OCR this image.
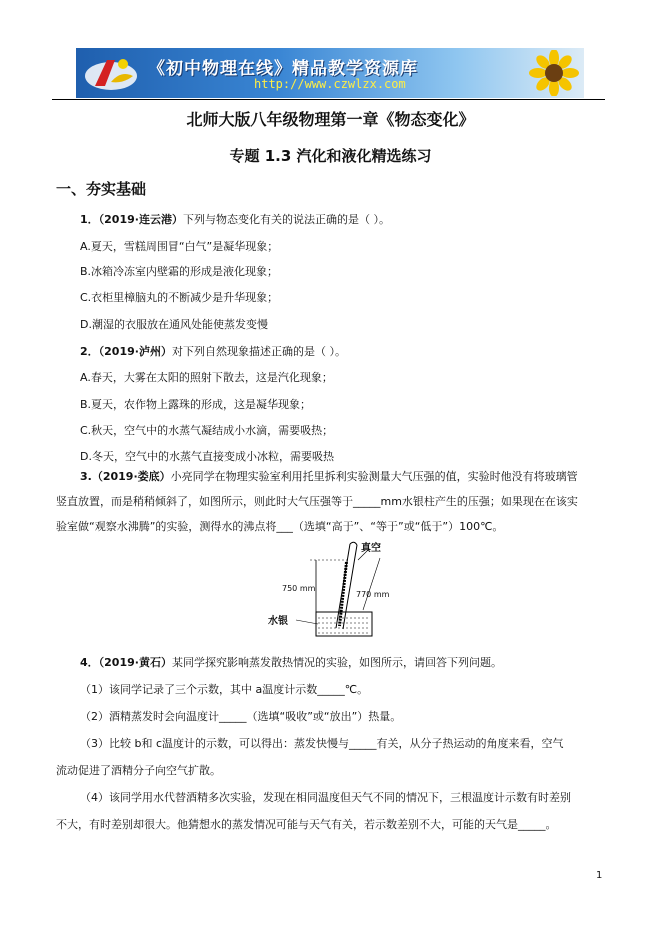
《初中物理在线》精品教学资源库
http://www.czwlzx.com
北师大版八年级物理第一章《物态变化》
专题 1.3 汽化和液化精选练习
一、夯实基础
1．（2019·连云港）下列与物态变化有关的说法正确的是（ ）。
A.夏天，雪糕周围冒“白气”是凝华现象；
B.冰箱冷冻室内壁霜的形成是液化现象；
C.衣柜里樟脑丸的不断减少是升华现象；
D.潮湿的衣服放在通风处能使蒸发变慢
2．（2019·泸州）对下列自然现象描述正确的是（ ）。
A.春天，大雾在太阳的照射下散去，这是汽化现象；
B.夏天，农作物上露珠的形成，这是凝华现象；
C.秋天，空气中的水蒸气凝结成小水滴，需要吸热；
D.冬天，空气中的水蒸气直接变成小冰粒，需要吸热
3.（2019·娄底）小亮同学在物理实验室利用托里拆利实验测量大气压强的值，实验时他没有将玻璃管
竖直放置，而是稍稍倾斜了，如图所示，则此时大气压强等于_____mm水银柱产生的压强；如果现在在该实
验室做“观察水沸腾”的实验，测得水的沸点将___（选填“高于”、“等于”或“低于”）100℃。
真空
750 mm
770 mm
水银
4．（2019·黄石）某同学探究影响蒸发散热情况的实验，如图所示，请回答下列问题。
（1）该同学记录了三个示数，其中 a温度计示数_____℃。
（2）酒精蒸发时会向温度计_____（选填“吸收”或“放出”）热量。
（3）比较 b和 c温度计的示数，可以得出：蒸发快慢与_____有关，从分子热运动的角度来看，空气
流动促进了酒精分子向空气扩散。
（4）该同学用水代替酒精多次实验，发现在相同温度但天气不同的情况下，三根温度计示数有时差别
不大，有时差别却很大。他猜想水的蒸发情况可能与天气有关，若示数差别不大，可能的天气是_____。
1
